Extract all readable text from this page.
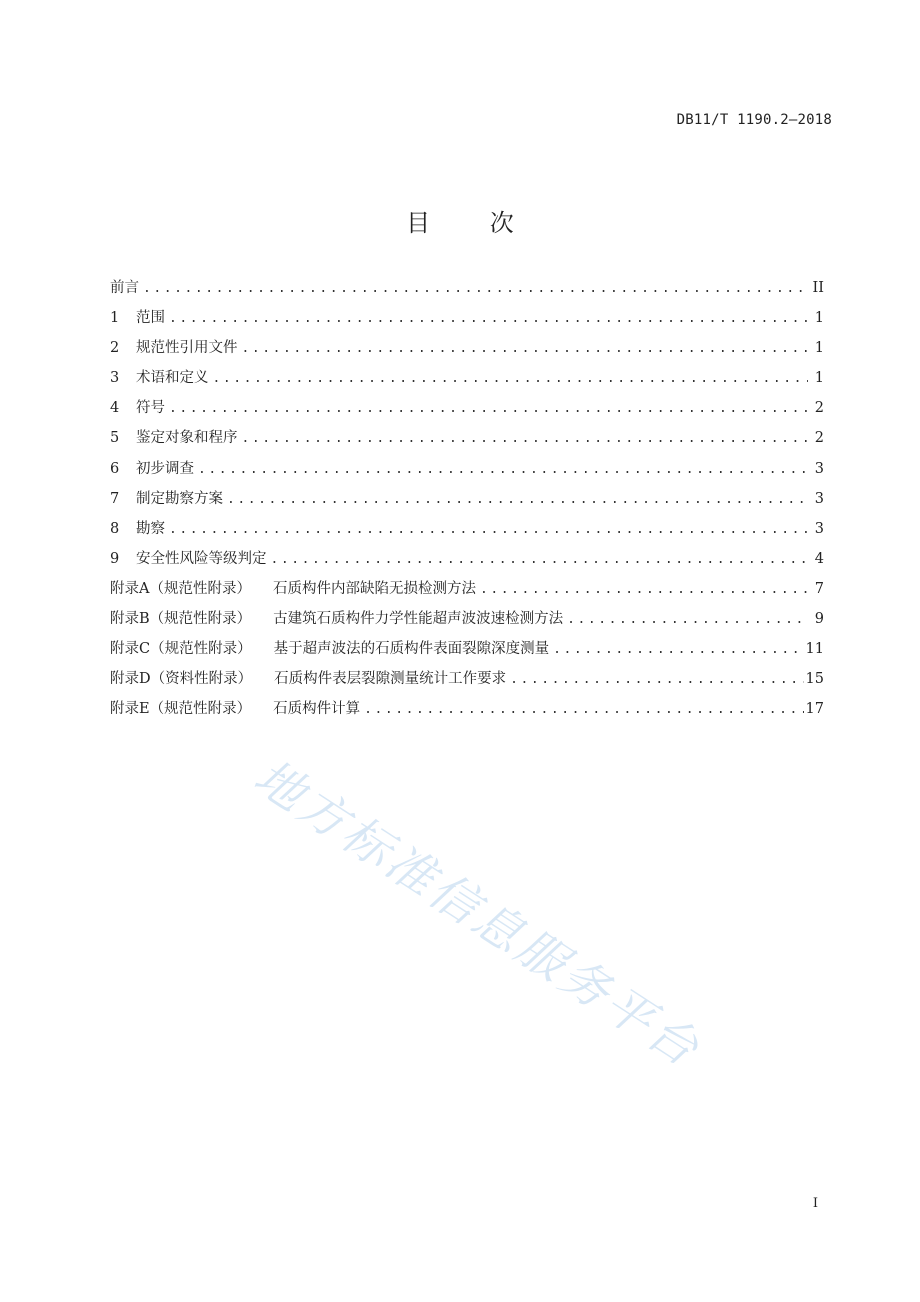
DB11/T 1190.2—2018
目 次
前言 .....	II
1	范围 .....	1
2	规范性引用文件 .....	1
3	术语和定义 .....	1
4	符号 .....	2
5	鉴定对象和程序 .....	2
6	初步调查 .....	3
7	制定勘察方案 .....	3
8	勘察 .....	3
9	安全性风险等级判定 .....	4
附录A（规范性附录） 石质构件内部缺陷无损检测方法 .....	7
附录B（规范性附录） 古建筑石质构件力学性能超声波波速检测方法 .....	9
附录C（规范性附录） 基于超声波法的石质构件表面裂隙深度测量 .....	11
附录D（资料性附录） 石质构件表层裂隙测量统计工作要求 .....	15
附录E（规范性附录） 石质构件计算 .....	17
地方标准信息服务平台
I
